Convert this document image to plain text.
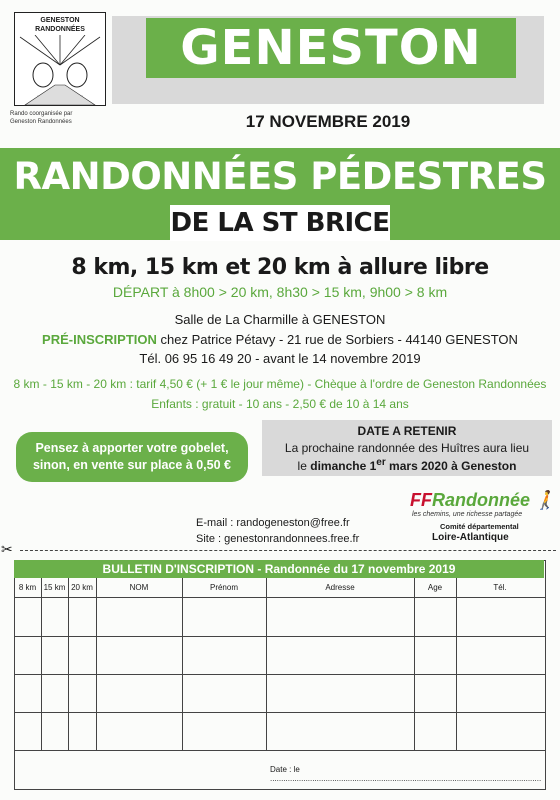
GENESTON
RANDONNÉES
Rando coorganisée par
Geneston Randonnées
GENESTON
17 NOVEMBRE 2019
RANDONNÉES PÉDESTRES
DE LA ST BRICE
8 km, 15 km et 20 km à allure libre
DÉPART à 8h00 > 20 km, 8h30 > 15 km, 9h00 > 8 km
Salle de La Charmille à GENESTON
PRÉ-INSCRIPTION chez Patrice Pétavy - 21 rue de Sorbiers - 44140 GENESTON
Tél. 06 95 16 49 20 - avant le 14 novembre 2019
8 km - 15 km - 20 km : tarif 4,50 € (+ 1 € le jour même) - Chèque à l'ordre de Geneston Randonnées
Enfants : gratuit - 10 ans - 2,50 € de 10 à 14 ans
Pensez à apporter votre gobelet,
sinon, en vente sur place à 0,50 €
DATE A RETENIR
La prochaine randonnée des Huîtres aura lieu
le dimanche 1er mars 2020 à Geneston
FFRandonnée 🚶
les chemins, une richesse partagée
Comité départemental
Loire-Atlantique
E-mail : randogeneston@free.fr
Site : genestonrandonnees.free.fr
✂
BULLETIN D'INSCRIPTION - Randonnée du 17 novembre 2019
8 km 15 km 20 km	NOM	Prénom	Adresse	Age	Tél.
Date : le ..........................................................................................................................
